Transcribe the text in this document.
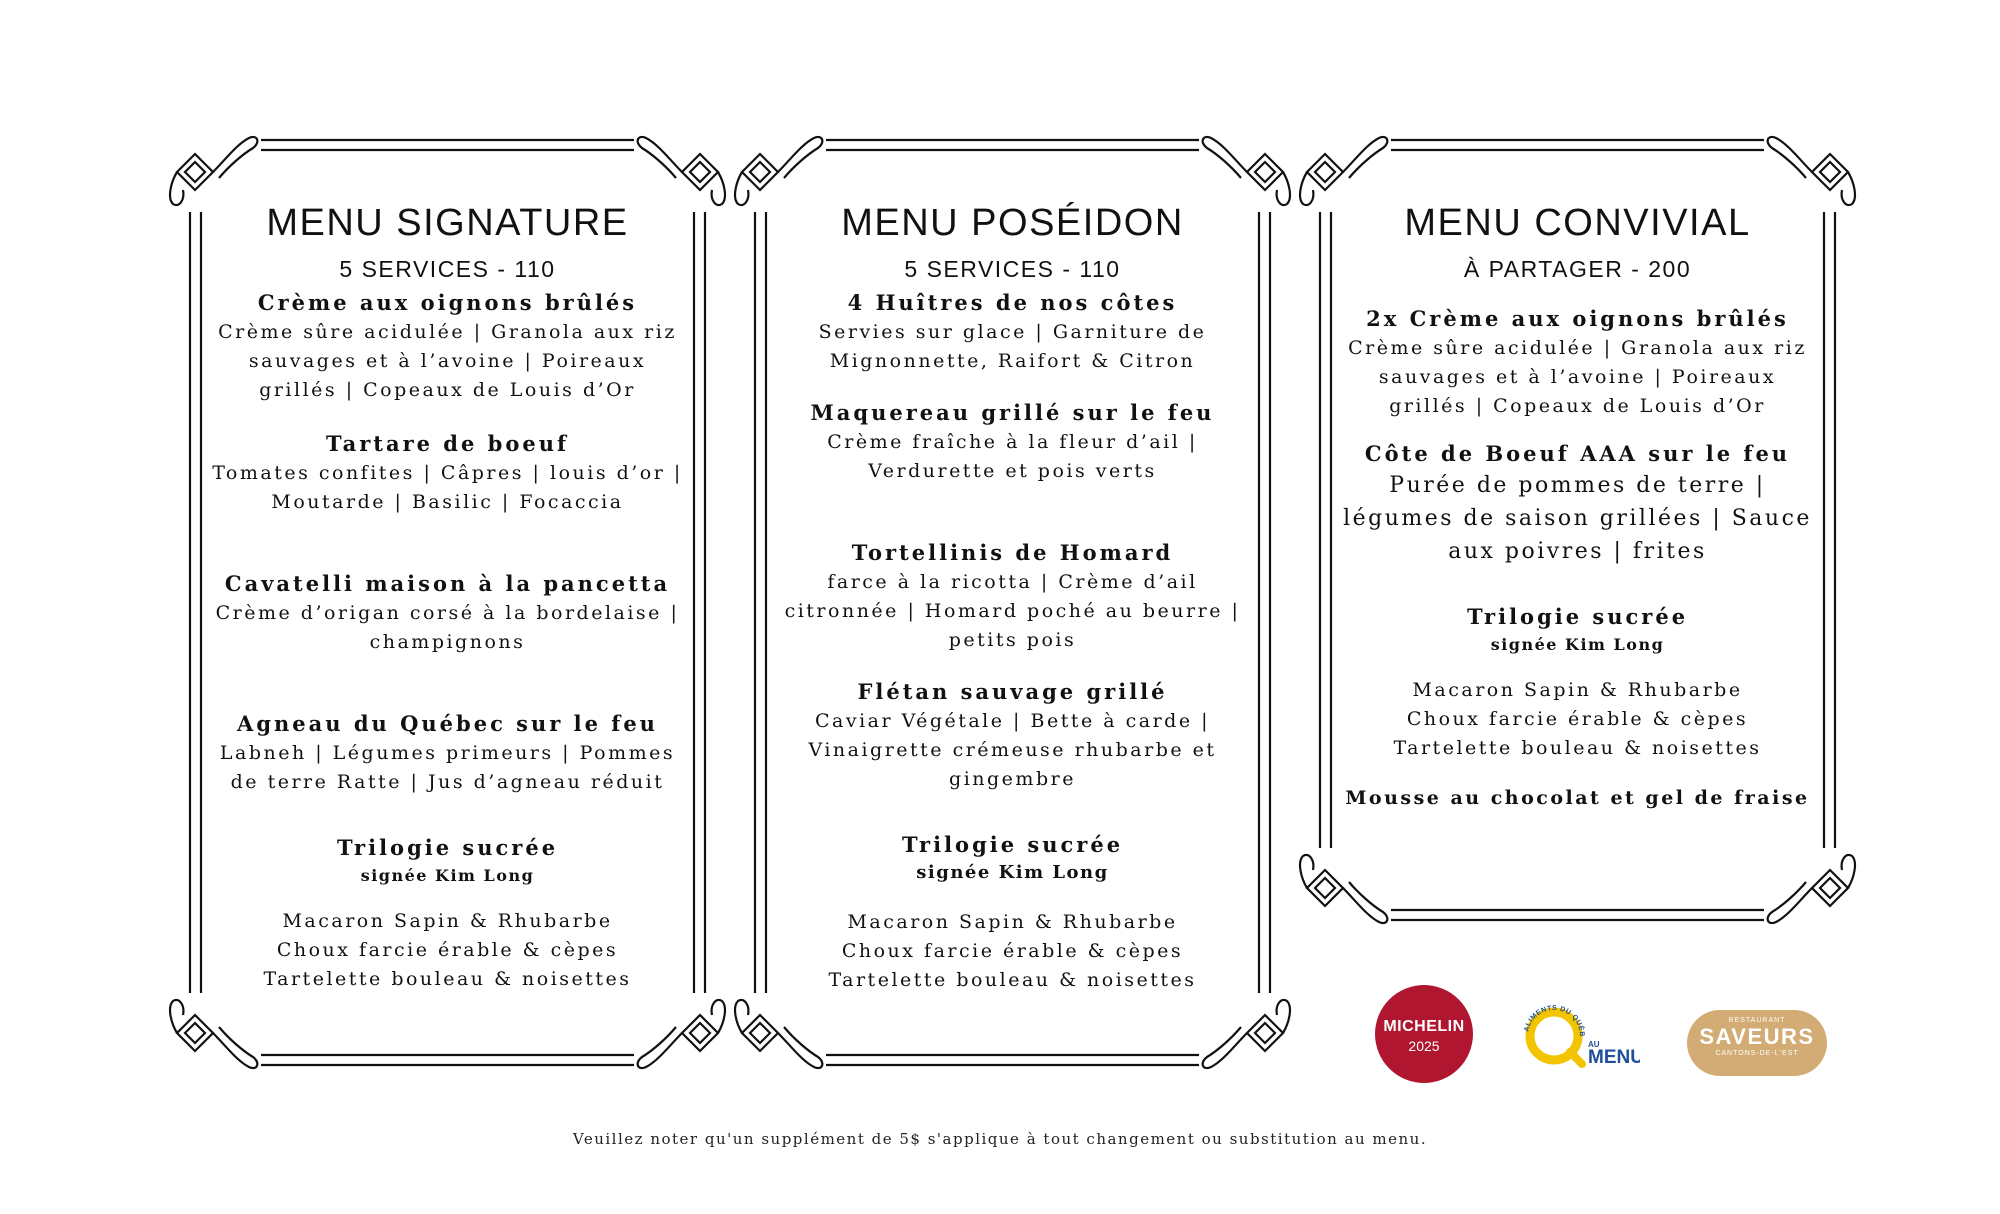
MENU SIGNATURE
5 SERVICES - 110
Crème aux oignons brûlés
Crème sûre acidulée | Granola aux riz sauvages et à l’avoine | Poireaux grillés | Copeaux de Louis d’Or
Tartare de boeuf
Tomates confites | Câpres | louis d’or | Moutarde | Basilic | Focaccia
Cavatelli maison à la pancetta
Crème d’origan corsé à la bordelaise | champignons
Agneau du Québec sur le feu
Labneh | Légumes primeurs | Pommes de terre Ratte | Jus d’agneau réduit
Trilogie sucrée
signée Kim Long
Macaron Sapin & Rhubarbe
Choux farcie érable & cèpes
Tartelette bouleau & noisettes
MENU POSÉIDON
5 SERVICES - 110
4 Huîtres de nos côtes
Servies sur glace | Garniture de Mignonnette, Raifort & Citron
Maquereau grillé sur le feu
Crème fraîche à la fleur d’ail | Verdurette et pois verts
Tortellinis de Homard
farce à la ricotta | Crème d’ail citronnée | Homard poché au beurre | petits pois
Flétan sauvage grillé
Caviar Végétale | Bette à carde | Vinaigrette crémeuse rhubarbe et gingembre
Trilogie sucrée
signée Kim Long
Macaron Sapin & Rhubarbe
Choux farcie érable & cèpes
Tartelette bouleau & noisettes
MENU CONVIVIAL
À PARTAGER - 200
2x Crème aux oignons brûlés
Crème sûre acidulée | Granola aux riz sauvages et à l’avoine | Poireaux grillés | Copeaux de Louis d’Or
Côte de Boeuf AAA sur le feu
Purée de pommes de terre | légumes de saison grillées | Sauce aux poivres | frites
Trilogie sucrée
signée Kim Long
Macaron Sapin & Rhubarbe
Choux farcie érable & cèpes
Tartelette bouleau & noisettes
Mousse au chocolat et gel de fraise
MICHELIN
2025
ALIMENTS DU QUÉB
AU
MENU
RESTAURANT
SAVEURS
CANTONS-DE-L'EST
Veuillez noter qu'un supplément de 5$ s'applique à tout changement ou substitution au menu.
